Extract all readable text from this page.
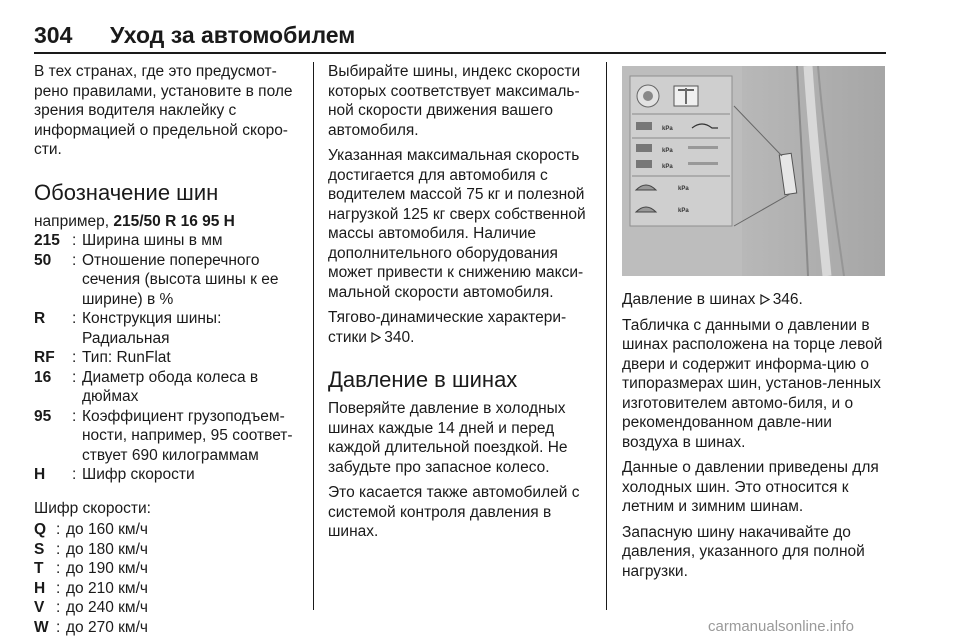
304 Уход за автомобилем

В тех странах, где это предусмот-рено правилами, установите в поле зрения водителя наклейку с информацией о предельной скоро-сти.

Обозначение шин

например, 215/50 R 16 95 H

215 : Ширина шины в мм
50	: Отношение поперечного сечения (высота шины к ее ширине) в %
R	: Конструкция шины: Радиальная
RF	: Тип: RunFlat
16	: Диаметр обода колеса в дюймах
95	: Коэффициент грузоподъем-ности, например, 95 соответ-ствует 690 килограммам
H	: Шифр скорости

Шифр скорости:

Q : до 160 км/ч
S : до 180 км/ч
T : до 190 км/ч
H : до 210 км/ч
V : до 240 км/ч
W : до 270 км/ч

Выбирайте шины, индекс скорости которых соответствует максималь-ной скорости движения вашего автомобиля.

Указанная максимальная скорость достигается для автомобиля с водителем массой 75 кг и полезной нагрузкой 125 кг сверх собственной массы автомобиля. Наличие дополнительного оборудования может привести к снижению макси-мальной скорости автомобиля.

Тягово-динамические характери-стики 340.

Давление в шинах

Поверяйте давление в холодных шинах каждые 14 дней и перед каждой длительной поездкой. Не забудьте про запасное колесо.

Это касается также автомобилей с системой контроля давления в шинах.

kPa
kPa
kPa
kPa
kPa

Давление в шинах 346.

Табличка с данными о давлении в шинах расположена на торце левой двери и содержит информа-цию о типоразмерах шин, установ-ленных изготовителем автомо-биля, и о рекомендованном давле-нии воздуха в шинах.

Данные о давлении приведены для холодных шин. Это относится к летним и зимним шинам.

Запасную шину накачивайте до давления, указанного для полной нагрузки.

carmanualsonline.info
